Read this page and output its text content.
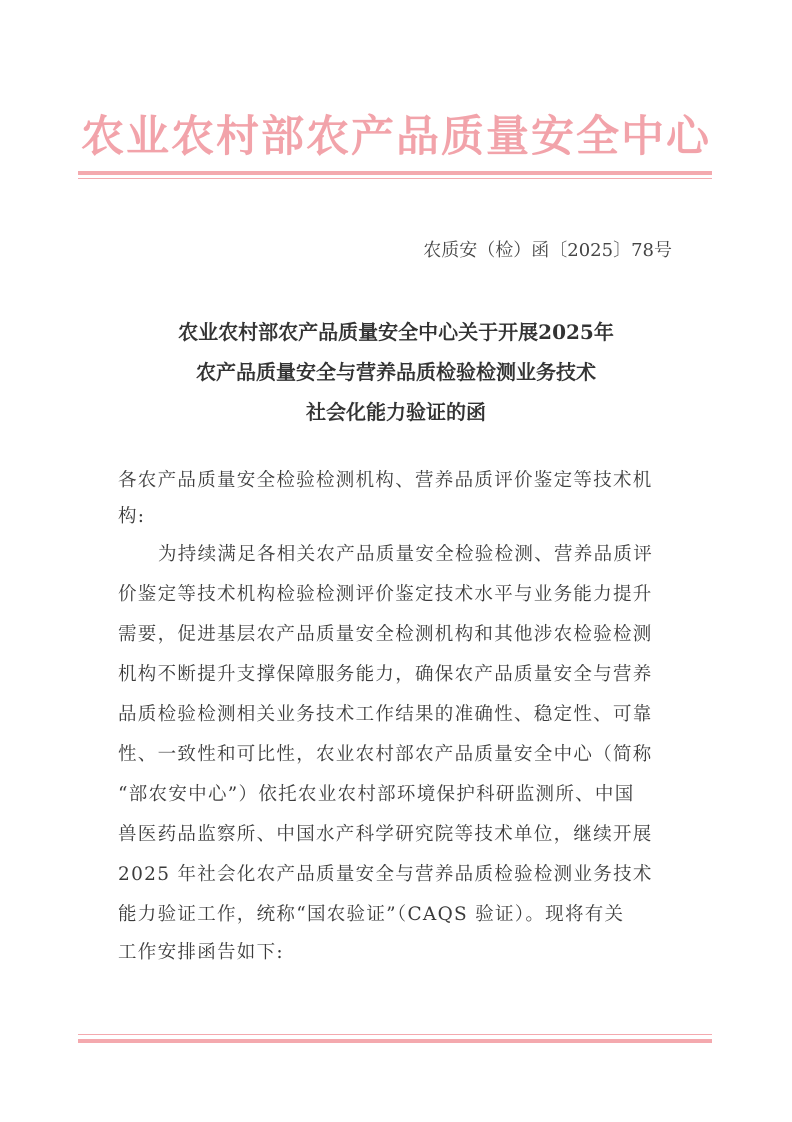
农业农村部农产品质量安全中心
农质安（检）函〔2025〕78号
农业农村部农产品质量安全中心关于开展2025年
农产品质量安全与营养品质检验检测业务技术
社会化能力验证的函
各农产品质量安全检验检测机构、营养品质评价鉴定等技术机
构:
为持续满足各相关农产品质量安全检验检测、营养品质评
价鉴定等技术机构检验检测评价鉴定技术水平与业务能力提升
需要，促进基层农产品质量安全检测机构和其他涉农检验检测
机构不断提升支撑保障服务能力，确保农产品质量安全与营养
品质检验检测相关业务技术工作结果的准确性、稳定性、可靠
性、一致性和可比性，农业农村部农产品质量安全中心（简称
“部农安中心”）依托农业农村部环境保护科研监测所、中国
兽医药品监察所、中国水产科学研究院等技术单位，继续开展
2025 年社会化农产品质量安全与营养品质检验检测业务技术
能力验证工作，统称“国农验证”（CAQS 验证）。现将有关
工作安排函告如下:
